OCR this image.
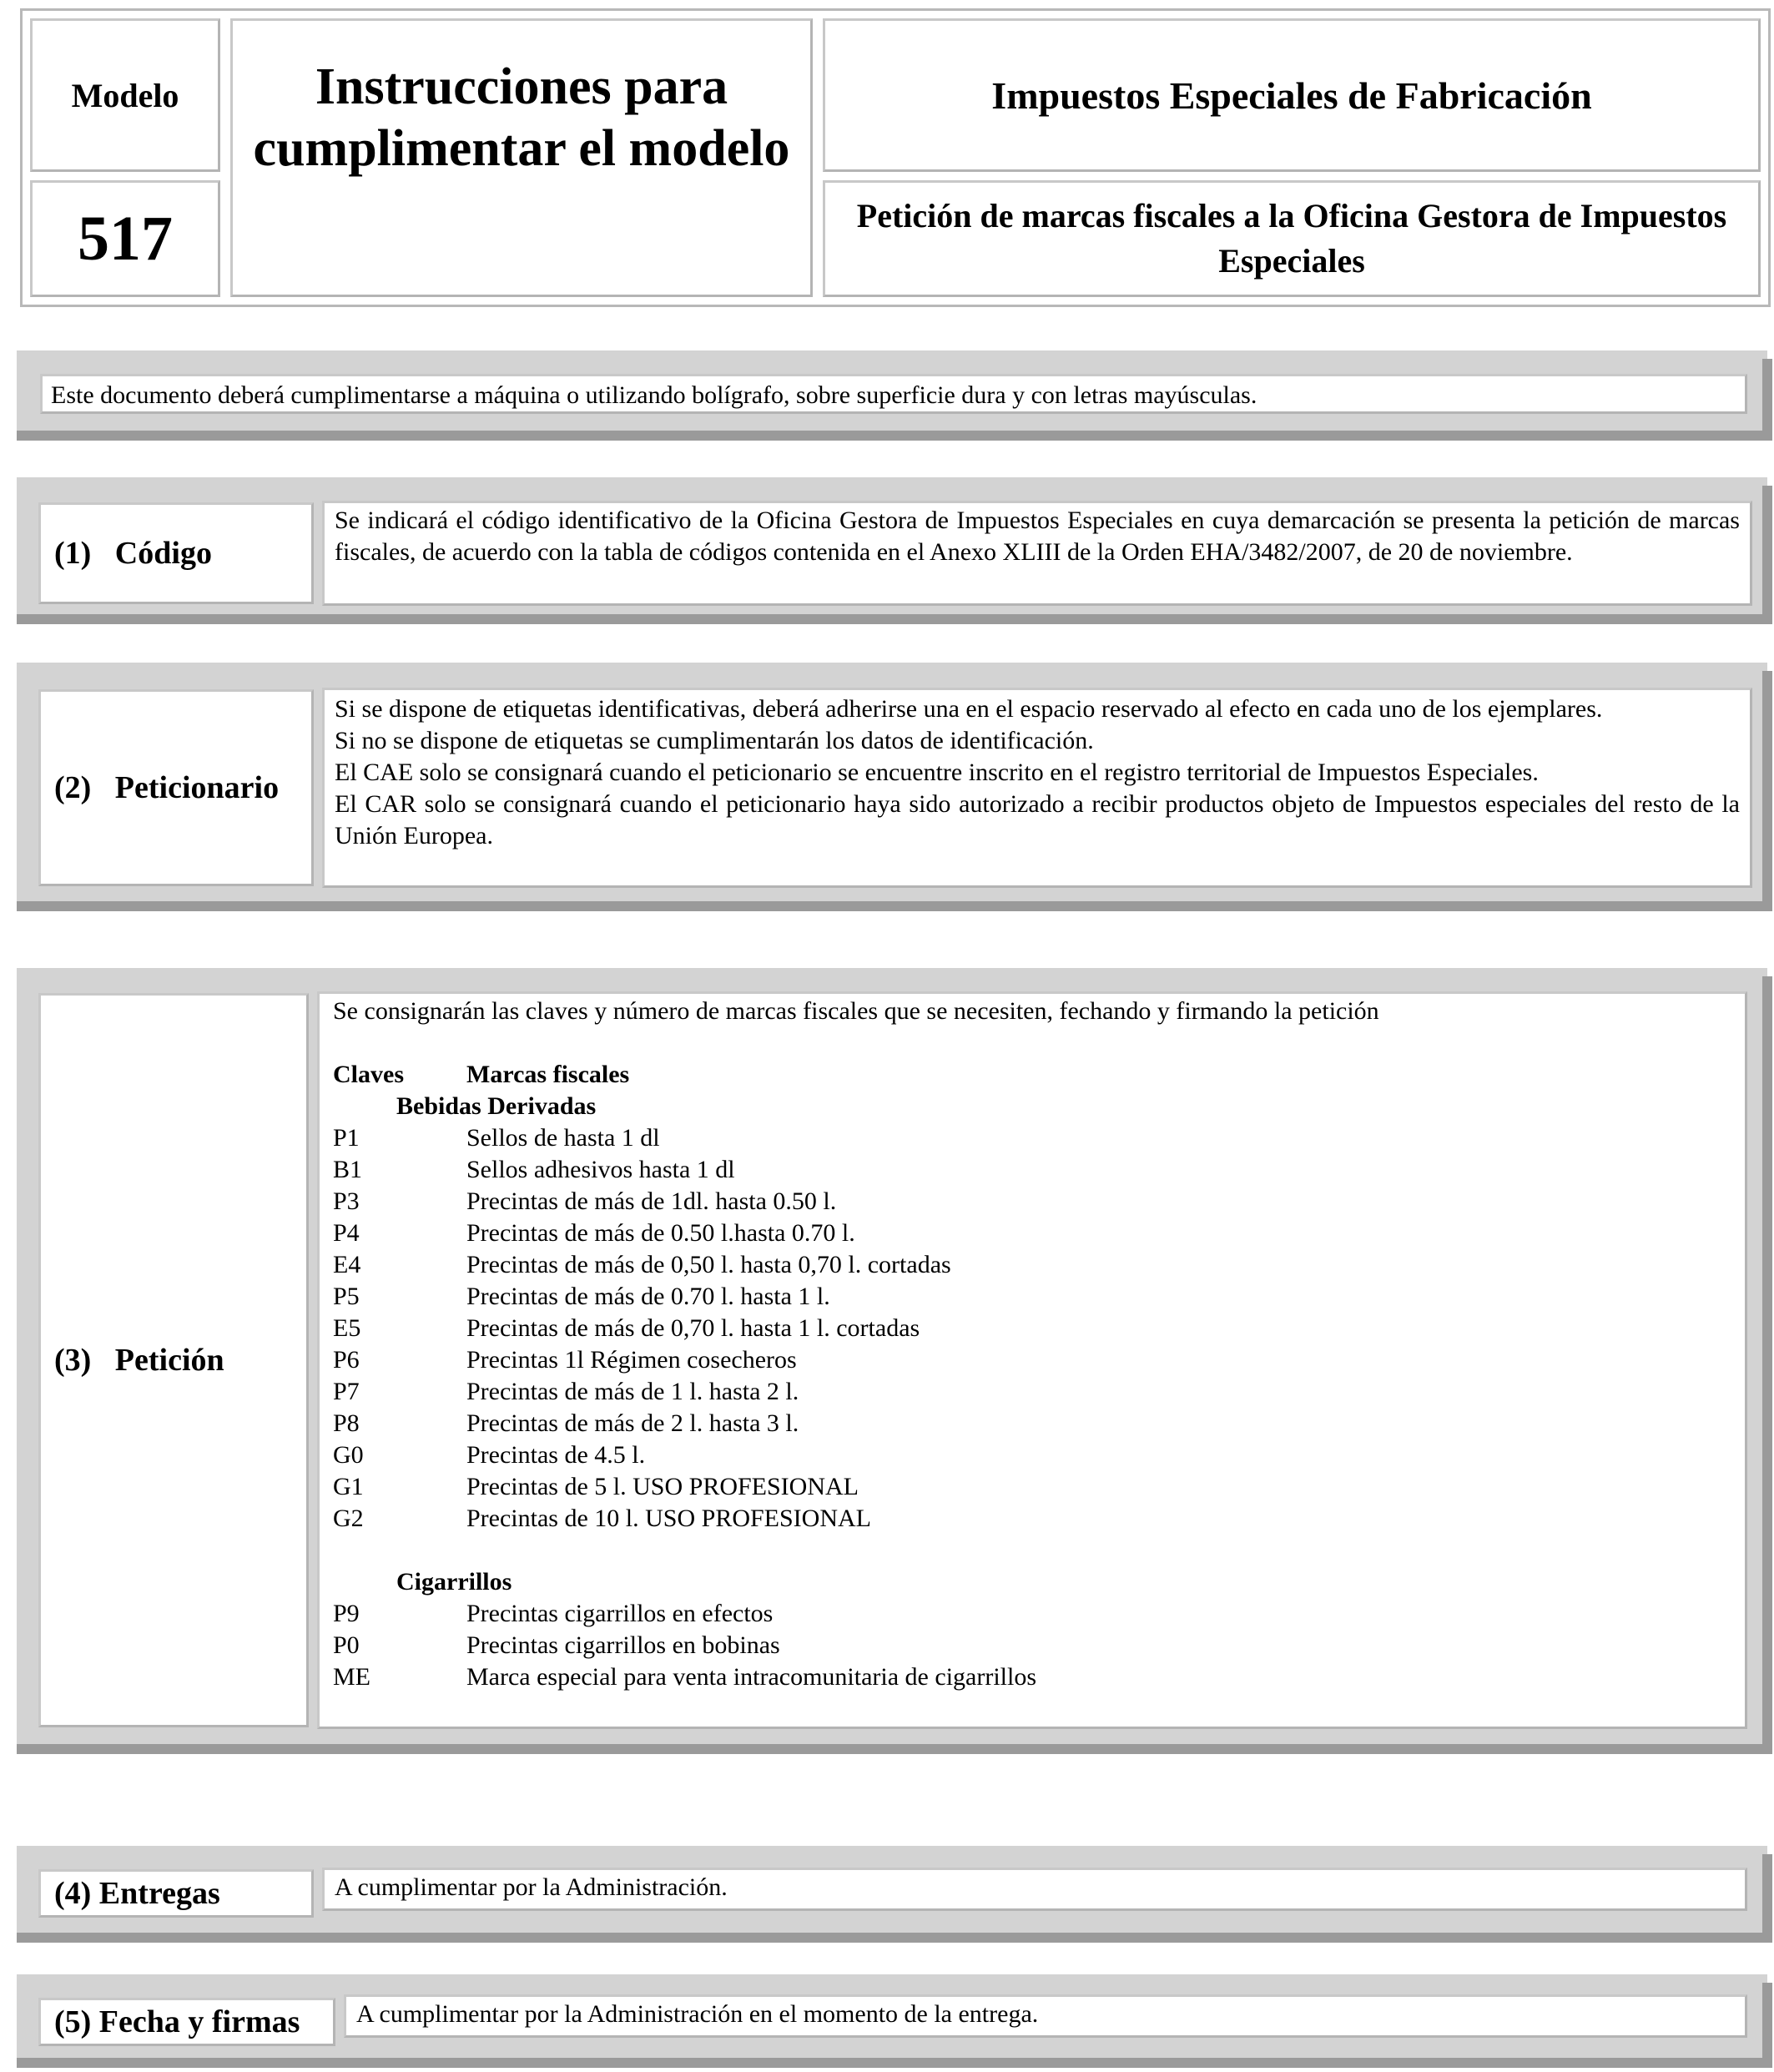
Modelo
517
Instrucciones para cumplimentar el modelo
Impuestos Especiales de Fabricación
Petición de marcas fiscales a la Oficina Gestora de Impuestos Especiales
Este documento deberá cumplimentarse a máquina o utilizando bolígrafo, sobre superficie dura y con letras mayúsculas.
(1)   Código
Se indicará el código identificativo de la Oficina Gestora de Impuestos Especiales en cuya demarcación se presenta la petición de marcas fiscales, de acuerdo con la tabla de códigos contenida en el Anexo XLIII de la Orden EHA/3482/2007, de 20 de noviembre.
(2)   Peticionario
Si se dispone de etiquetas identificativas, deberá adherirse una en el espacio reservado al efecto en cada uno de los ejemplares.
Si no se dispone de etiquetas se cumplimentarán los datos de identificación.
El CAE solo se consignará cuando el peticionario se encuentre inscrito en el registro territorial de Impuestos Especiales.
El CAR solo se consignará cuando el peticionario haya sido autorizado a recibir productos objeto de Impuestos especiales del resto de la Unión Europea.
(3)   Petición
Se consignarán las claves y número de marcas fiscales que se necesiten, fechando y firmando la petición
Claves	Marcas fiscales
Bebidas Derivadas
P1	Sellos de hasta 1 dl
B1	Sellos adhesivos hasta 1 dl
P3	Precintas de más de 1dl. hasta 0.50 l.
P4	Precintas de más de 0.50 l.hasta 0.70 l.
E4	Precintas de más de 0,50 l. hasta 0,70 l. cortadas
P5	Precintas de más de 0.70 l. hasta 1 l.
E5	Precintas de más de 0,70 l. hasta 1 l. cortadas
P6	Precintas 1l Régimen cosecheros
P7	Precintas de más de 1 l. hasta 2 l.
P8	Precintas de más de 2 l. hasta 3 l.
G0	Precintas de 4.5 l.
G1	Precintas de 5 l. USO PROFESIONAL
G2	Precintas de 10 l. USO PROFESIONAL
Cigarrillos
P9	Precintas cigarrillos en efectos
P0	Precintas cigarrillos en bobinas
ME	Marca especial para venta intracomunitaria de cigarrillos
(4) Entregas	A cumplimentar por la Administración.
(5) Fecha y firmas A cumplimentar por la Administración en el momento de la entrega.
